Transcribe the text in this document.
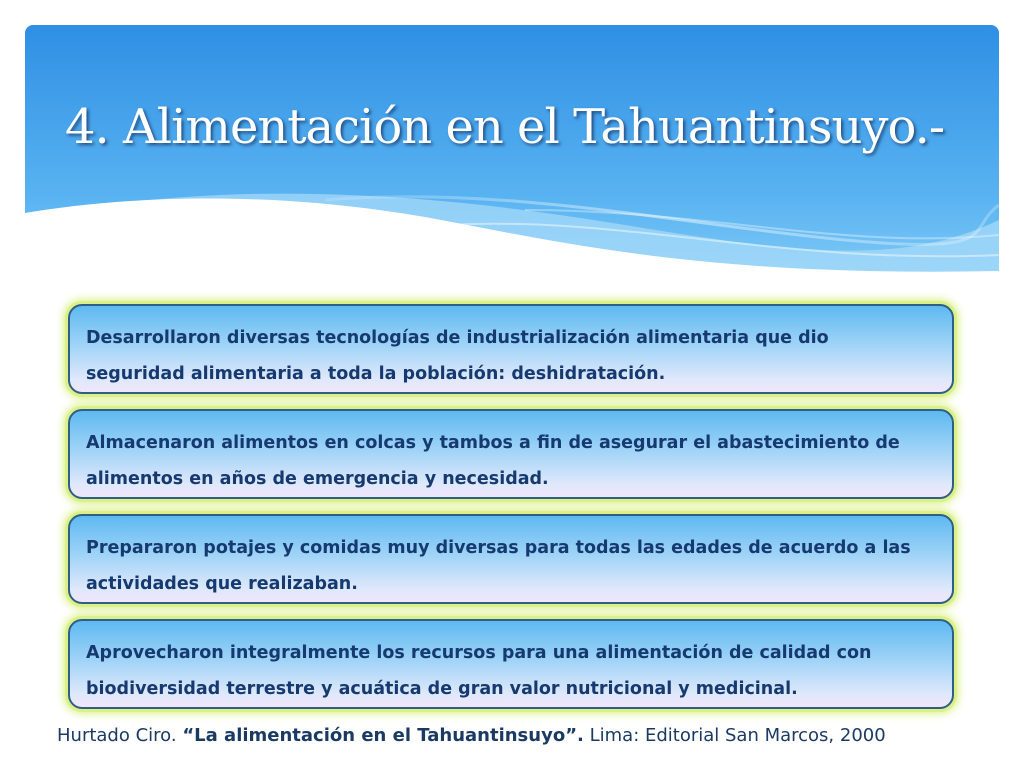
4. Alimentación en el Tahuantinsuyo.-

Desarrollaron diversas tecnologías de industrialización alimentaria que dio seguridad alimentaria a toda la población: deshidratación.

Almacenaron alimentos en colcas y tambos a fin de asegurar el abastecimiento de alimentos en años de emergencia y necesidad.

Prepararon potajes y comidas muy diversas para todas las edades de acuerdo a las actividades que realizaban.

Aprovecharon integralmente los recursos para una alimentación de calidad con biodiversidad terrestre y acuática de gran valor nutricional y medicinal.

Hurtado Ciro. “La alimentación en el Tahuantinsuyo”. Lima: Editorial San Marcos, 2000
